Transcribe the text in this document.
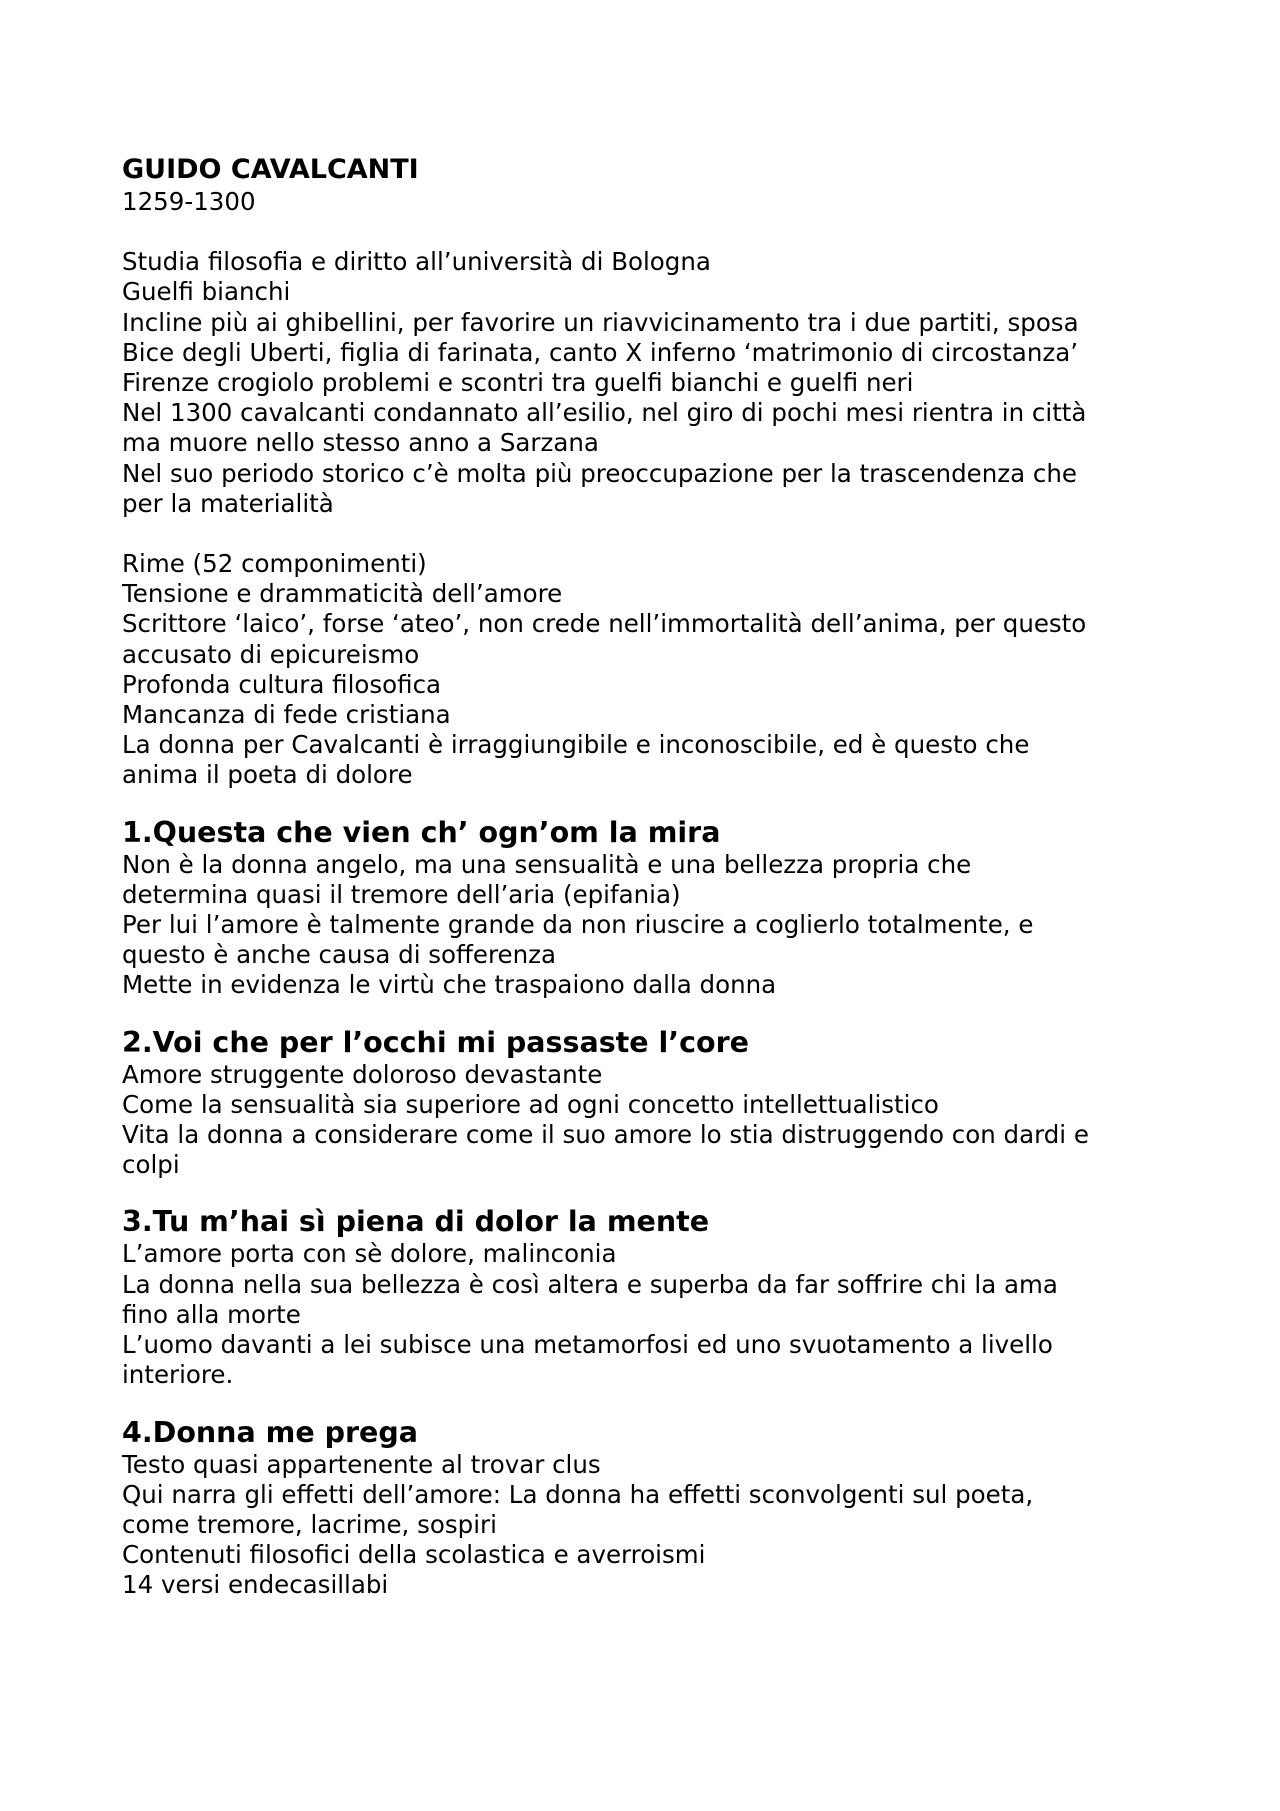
GUIDO CAVALCANTI

1259-1300

Studia filosofia e diritto all’università di Bologna

Guelfi bianchi

Incline più ai ghibellini, per favorire un riavvicinamento tra i due partiti, sposa

Bice degli Uberti, figlia di farinata, canto X inferno ‘matrimonio di circostanza’

Firenze crogiolo problemi e scontri tra guelfi bianchi e guelfi neri

Nel 1300 cavalcanti condannato all’esilio, nel giro di pochi mesi rientra in città

ma muore nello stesso anno a Sarzana

Nel suo periodo storico c’è molta più preoccupazione per la trascendenza che

per la materialità

Rime (52 componimenti)

Tensione e drammaticità dell’amore

Scrittore ‘laico’, forse ‘ateo’, non crede nell’immortalità dell’anima, per questo

accusato di epicureismo

Profonda cultura filosofica

Mancanza di fede cristiana

La donna per Cavalcanti è irraggiungibile e inconoscibile, ed è questo che

anima il poeta di dolore

1.Questa che vien ch’ ogn’om la mira

Non è la donna angelo, ma una sensualità e una bellezza propria che

determina quasi il tremore dell’aria (epifania)

Per lui l’amore è talmente grande da non riuscire a coglierlo totalmente, e

questo è anche causa di sofferenza

Mette in evidenza le virtù che traspaiono dalla donna

2.Voi che per l’occhi mi passaste l’core

Amore struggente doloroso devastante

Come la sensualità sia superiore ad ogni concetto intellettualistico

Vita la donna a considerare come il suo amore lo stia distruggendo con dardi e

colpi

3.Tu m’hai sì piena di dolor la mente

L’amore porta con sè dolore, malinconia

La donna nella sua bellezza è così altera e superba da far soffrire chi la ama

fino alla morte

L’uomo davanti a lei subisce una metamorfosi ed uno svuotamento a livello

interiore.

4.Donna me prega

Testo quasi appartenente al trovar clus

Qui narra gli effetti dell’amore: La donna ha effetti sconvolgenti sul poeta,

come tremore, lacrime, sospiri

Contenuti filosofici della scolastica e averroismi

14 versi endecasillabi
